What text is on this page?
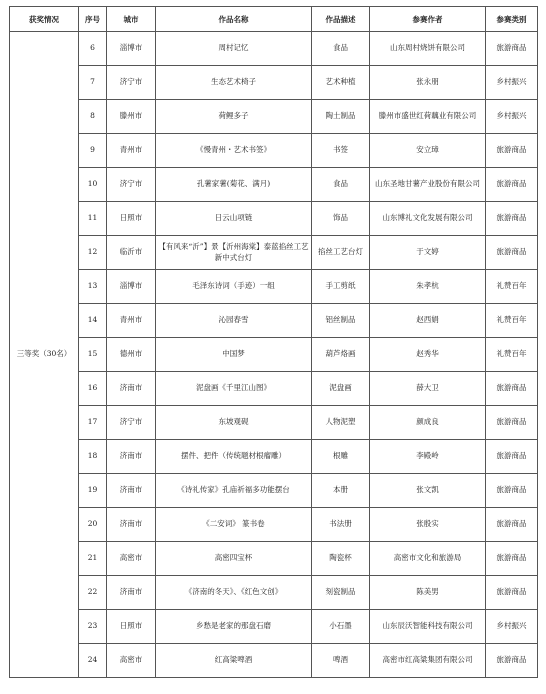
获奖情况	序号	城市	作品名称	作品描述	参赛作者	参赛类别
三等奖（30名）	6	淄博市	周村记忆	食品	山东周村烧饼有限公司	旅游商品
	7	济宁市	生态艺术椅子	艺术种植	张永朋	乡村振兴
	8	滕州市	荷鲤多子	陶土制品	滕州市盛世红荷藕业有限公司	乡村振兴
	9	青州市	《慢青州・艺术书签》	书签	安立璋	旅游商品
	10	济宁市	孔薯家薯(菊花、满月)	食品	山东圣地甘薯产业股份有限公司	旅游商品
	11	日照市	日云山项链	饰品	山东博礼文化发展有限公司	旅游商品
	12	临沂市	【有风来“沂”】景【沂州海棠】泰蓝掐丝工艺新中式台灯	掐丝工艺台灯	于文婷	旅游商品
	13	淄博市	毛泽东诗词（手迹）一组	手工剪纸	朱孝杭	礼赞百年
	14	青州市	沁园春雪	铝丝制品	赵西娟	礼赞百年
	15	德州市	中国梦	葫芦烙画	赵秀华	礼赞百年
	16	济南市	泥盘画《千里江山图》	泥盘画	薛大卫	旅游商品
	17	济宁市	东坡观砚	人物泥塑	颜成良	旅游商品
	18	济南市	摆件、把件（传统题材根瘤雕）	根雕	李殿岭	旅游商品
	19	济南市	《诗礼传家》孔庙祈福多功能摆台	本册	张文凯	旅游商品
	20	济南市	《二安词》 篆书卷	书法册	张殷实	旅游商品
	21	高密市	高密四宝杯	陶瓷杯	高密市文化和旅游局	旅游商品
	22	济南市	《济南的冬天》、《红色文创》	刻瓷制品	陈美男	旅游商品
	23	日照市	乡愁是老家的那盘石磨	小石墨	山东辰沃智能科技有限公司	乡村振兴
	24	高密市	红高粱啤酒	啤酒	高密市红高粱集团有限公司	旅游商品
